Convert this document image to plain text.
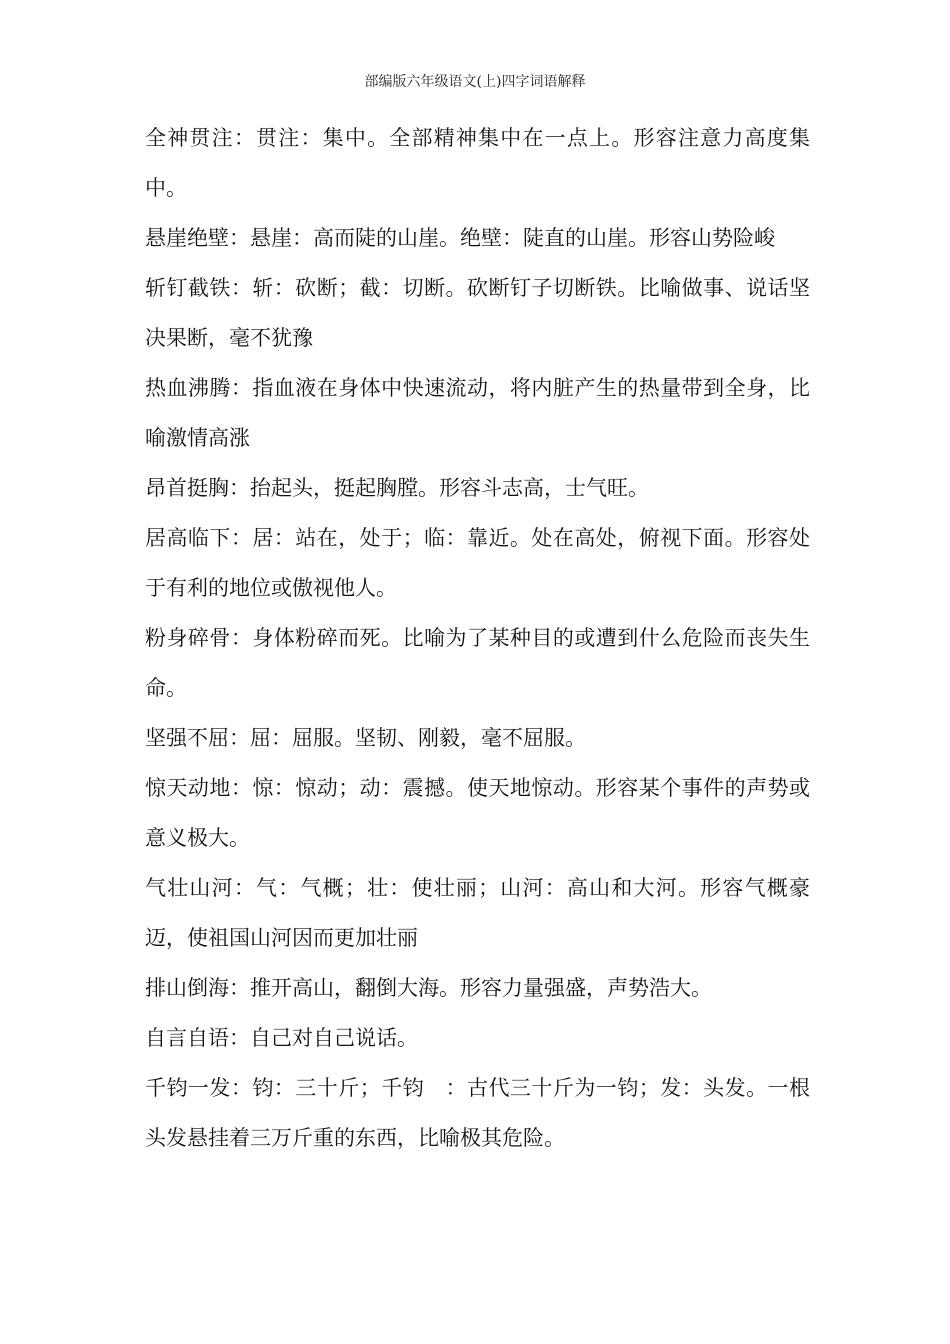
部编版六年级语文(上)四字词语解释

全神贯注：贯注：集中。全部精神集中在一点上。形容注意力高度集中。

悬崖绝壁：悬崖：高而陡的山崖。绝壁：陡直的山崖。形容山势险峻

斩钉截铁：斩：砍断；截：切断。砍断钉子切断铁。比喻做事、说话坚决果断，毫不犹豫

热血沸腾：指血液在身体中快速流动，将内脏产生的热量带到全身，比喻激情高涨

昂首挺胸：抬起头，挺起胸膛。形容斗志高，士气旺。

居高临下：居：站在，处于；临：靠近。处在高处，俯视下面。形容处于有利的地位或傲视他人。

粉身碎骨：身体粉碎而死。比喻为了某种目的或遭到什么危险而丧失生命。

坚强不屈：屈：屈服。坚韧、刚毅，毫不屈服。

惊天动地：惊：惊动；动：震撼。使天地惊动。形容某个事件的声势或意义极大。

气壮山河：气：气概；壮：使壮丽；山河：高山和大河。形容气概豪迈，使祖国山河因而更加壮丽

排山倒海：推开高山，翻倒大海。形容力量强盛，声势浩大。

自言自语：自己对自己说话。

千钧一发：钧：三十斤；千钧　：古代三十斤为一钧；发：头发。一根头发悬挂着三万斤重的东西，比喻极其危险。
